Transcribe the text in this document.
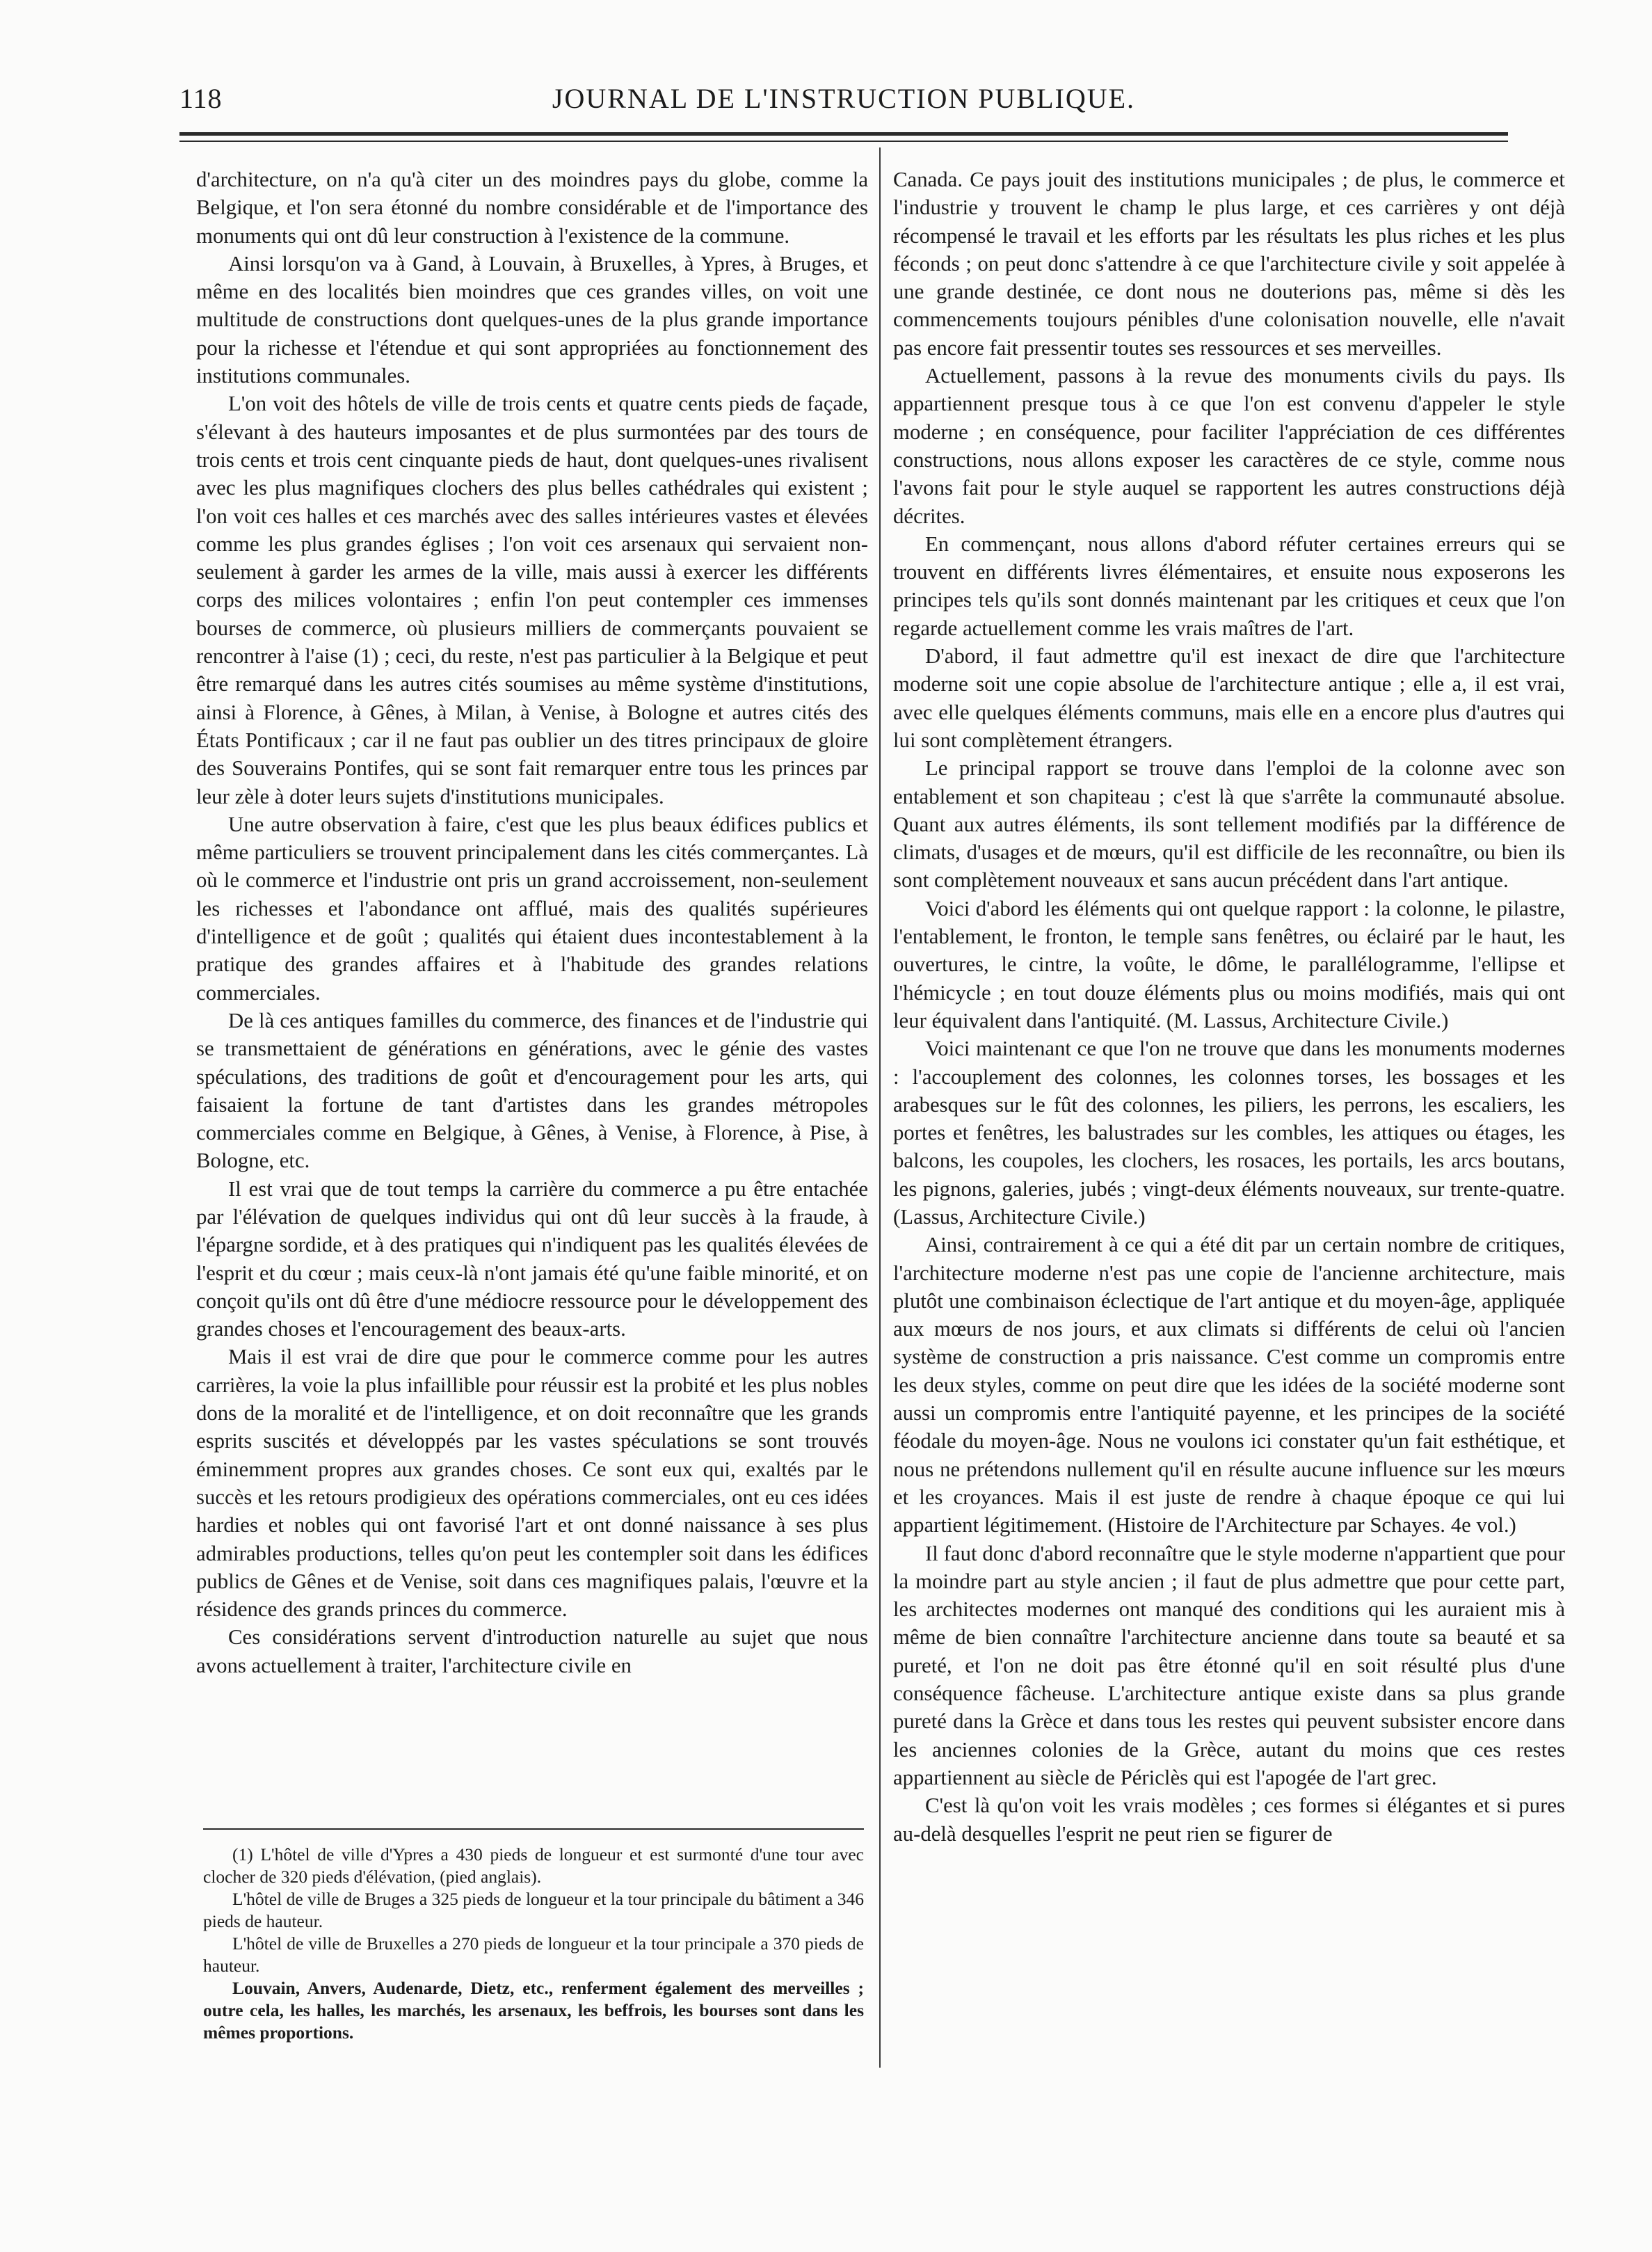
118	JOURNAL DE L'INSTRUCTION PUBLIQUE.

d'architecture, on n'a qu'à citer un des moindres pays du globe, comme la Belgique, et l'on sera étonné du nombre considérable et de l'importance des monuments qui ont dû leur construction à l'existence de la commune.

Ainsi lorsqu'on va à Gand, à Louvain, à Bruxelles, à Ypres, à Bruges, et même en des localités bien moindres que ces grandes villes, on voit une multitude de constructions dont quelques-unes de la plus grande importance pour la richesse et l'étendue et qui sont appropriées au fonctionnement des institutions communales.

L'on voit des hôtels de ville de trois cents et quatre cents pieds de façade, s'élevant à des hauteurs imposantes et de plus surmontées par des tours de trois cents et trois cent cinquante pieds de haut, dont quelques-unes rivalisent avec les plus magnifiques clochers des plus belles cathédrales qui existent ; l'on voit ces halles et ces marchés avec des salles intérieures vastes et élevées comme les plus grandes églises ; l'on voit ces arsenaux qui servaient non-seulement à garder les armes de la ville, mais aussi à exercer les différents corps des milices volontaires ; enfin l'on peut contempler ces immenses bourses de commerce, où plusieurs milliers de commerçants pouvaient se rencontrer à l'aise (1) ; ceci, du reste, n'est pas particulier à la Belgique et peut être remarqué dans les autres cités soumises au même système d'institutions, ainsi à Florence, à Gênes, à Milan, à Venise, à Bologne et autres cités des États Pontificaux ; car il ne faut pas oublier un des titres principaux de gloire des Souverains Pontifes, qui se sont fait remarquer entre tous les princes par leur zèle à doter leurs sujets d'institutions municipales.

Une autre observation à faire, c'est que les plus beaux édifices publics et même particuliers se trouvent principalement dans les cités commerçantes. Là où le commerce et l'industrie ont pris un grand accroissement, non-seulement les richesses et l'abondance ont afflué, mais des qualités supérieures d'intelligence et de goût ; qualités qui étaient dues incontestablement à la pratique des grandes affaires et à l'habitude des grandes relations commerciales.

De là ces antiques familles du commerce, des finances et de l'industrie qui se transmettaient de générations en générations, avec le génie des vastes spéculations, des traditions de goût et d'encouragement pour les arts, qui faisaient la fortune de tant d'artistes dans les grandes métropoles commerciales comme en Belgique, à Gênes, à Venise, à Florence, à Pise, à Bologne, etc.

Il est vrai que de tout temps la carrière du commerce a pu être entachée par l'élévation de quelques individus qui ont dû leur succès à la fraude, à l'épargne sordide, et à des pratiques qui n'indiquent pas les qualités élevées de l'esprit et du cœur ; mais ceux-là n'ont jamais été qu'une faible minorité, et on conçoit qu'ils ont dû être d'une médiocre ressource pour le développement des grandes choses et l'encouragement des beaux-arts.

Mais il est vrai de dire que pour le commerce comme pour les autres carrières, la voie la plus infaillible pour réussir est la probité et les plus nobles dons de la moralité et de l'intelligence, et on doit reconnaître que les grands esprits suscités et développés par les vastes spéculations se sont trouvés éminemment propres aux grandes choses. Ce sont eux qui, exaltés par le succès et les retours prodigieux des opérations commerciales, ont eu ces idées hardies et nobles qui ont favorisé l'art et ont donné naissance à ses plus admirables productions, telles qu'on peut les contempler soit dans les édifices publics de Gênes et de Venise, soit dans ces magnifiques palais, l'œuvre et la résidence des grands princes du commerce.

Ces considérations servent d'introduction naturelle au sujet que nous avons actuellement à traiter, l'architecture civile en

(1) L'hôtel de ville d'Ypres a 430 pieds de longueur et est surmonté d'une tour avec clocher de 320 pieds d'élévation, (pied anglais).

L'hôtel de ville de Bruges a 325 pieds de longueur et la tour principale du bâtiment a 346 pieds de hauteur.

L'hôtel de ville de Bruxelles a 270 pieds de longueur et la tour principale a 370 pieds de hauteur.

Louvain, Anvers, Audenarde, Dietz, etc., renferment également des merveilles ; outre cela, les halles, les marchés, les arsenaux, les beffrois, les bourses sont dans les mêmes proportions.

Canada. Ce pays jouit des institutions municipales ; de plus, le commerce et l'industrie y trouvent le champ le plus large, et ces carrières y ont déjà récompensé le travail et les efforts par les résultats les plus riches et les plus féconds ; on peut donc s'attendre à ce que l'architecture civile y soit appelée à une grande destinée, ce dont nous ne douterions pas, même si dès les commencements toujours pénibles d'une colonisation nouvelle, elle n'avait pas encore fait pressentir toutes ses ressources et ses merveilles.

Actuellement, passons à la revue des monuments civils du pays. Ils appartiennent presque tous à ce que l'on est convenu d'appeler le style moderne ; en conséquence, pour faciliter l'appréciation de ces différentes constructions, nous allons exposer les caractères de ce style, comme nous l'avons fait pour le style auquel se rapportent les autres constructions déjà décrites.

En commençant, nous allons d'abord réfuter certaines erreurs qui se trouvent en différents livres élémentaires, et ensuite nous exposerons les principes tels qu'ils sont donnés maintenant par les critiques et ceux que l'on regarde actuellement comme les vrais maîtres de l'art.

D'abord, il faut admettre qu'il est inexact de dire que l'architecture moderne soit une copie absolue de l'architecture antique ; elle a, il est vrai, avec elle quelques éléments communs, mais elle en a encore plus d'autres qui lui sont complètement étrangers.

Le principal rapport se trouve dans l'emploi de la colonne avec son entablement et son chapiteau ; c'est là que s'arrête la communauté absolue. Quant aux autres éléments, ils sont tellement modifiés par la différence de climats, d'usages et de mœurs, qu'il est difficile de les reconnaître, ou bien ils sont complètement nouveaux et sans aucun précédent dans l'art antique.

Voici d'abord les éléments qui ont quelque rapport : la colonne, le pilastre, l'entablement, le fronton, le temple sans fenêtres, ou éclairé par le haut, les ouvertures, le cintre, la voûte, le dôme, le parallélogramme, l'ellipse et l'hémicycle ; en tout douze éléments plus ou moins modifiés, mais qui ont leur équivalent dans l'antiquité. (M. Lassus, Architecture Civile.)

Voici maintenant ce que l'on ne trouve que dans les monuments modernes : l'accouplement des colonnes, les colonnes torses, les bossages et les arabesques sur le fût des colonnes, les piliers, les perrons, les escaliers, les portes et fenêtres, les balustrades sur les combles, les attiques ou étages, les balcons, les coupoles, les clochers, les rosaces, les portails, les arcs boutans, les pignons, galeries, jubés ; vingt-deux éléments nouveaux, sur trente-quatre. (Lassus, Architecture Civile.)

Ainsi, contrairement à ce qui a été dit par un certain nombre de critiques, l'architecture moderne n'est pas une copie de l'ancienne architecture, mais plutôt une combinaison éclectique de l'art antique et du moyen-âge, appliquée aux mœurs de nos jours, et aux climats si différents de celui où l'ancien système de construction a pris naissance. C'est comme un compromis entre les deux styles, comme on peut dire que les idées de la société moderne sont aussi un compromis entre l'antiquité payenne, et les principes de la société féodale du moyen-âge. Nous ne voulons ici constater qu'un fait esthétique, et nous ne prétendons nullement qu'il en résulte aucune influence sur les mœurs et les croyances. Mais il est juste de rendre à chaque époque ce qui lui appartient légitimement. (Histoire de l'Architecture par Schayes. 4e vol.)

Il faut donc d'abord reconnaître que le style moderne n'appartient que pour la moindre part au style ancien ; il faut de plus admettre que pour cette part, les architectes modernes ont manqué des conditions qui les auraient mis à même de bien connaître l'architecture ancienne dans toute sa beauté et sa pureté, et l'on ne doit pas être étonné qu'il en soit résulté plus d'une conséquence fâcheuse. L'architecture antique existe dans sa plus grande pureté dans la Grèce et dans tous les restes qui peuvent subsister encore dans les anciennes colonies de la Grèce, autant du moins que ces restes appartiennent au siècle de Périclès qui est l'apogée de l'art grec.

C'est là qu'on voit les vrais modèles ; ces formes si élégantes et si pures au-delà desquelles l'esprit ne peut rien se figurer de
